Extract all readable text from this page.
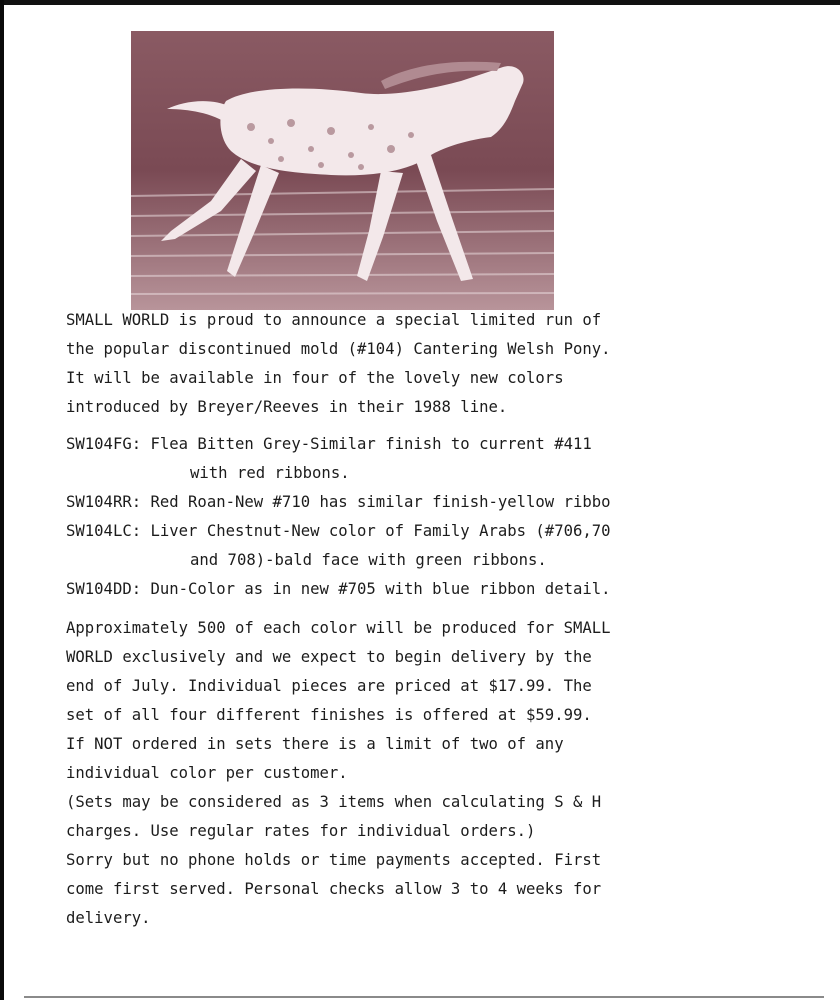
SMALL WORLD is proud to announce a special limited run of

the popular discontinued mold (#104) Cantering Welsh Pony.

It will be available in four of the lovely new colors

introduced by Breyer/Reeves in their 1988 line.

SW104FG: Flea Bitten Grey-Similar finish to current #411

with red ribbons.

SW104RR: Red Roan-New #710 has similar finish-yellow ribbo

SW104LC: Liver Chestnut-New color of Family Arabs (#706,70

and 708)-bald face with green ribbons.

SW104DD: Dun-Color as in new #705 with blue ribbon detail.

Approximately 500 of each color will be produced for SMALL

WORLD exclusively and we expect to begin delivery by the

end of July. Individual pieces are priced at $17.99. The

set of all four different finishes is offered at $59.99.

If NOT ordered in sets there is a limit of two of any

individual color per customer.

(Sets may be considered as 3 items when calculating S & H

charges. Use regular rates for individual orders.)

Sorry but no phone holds or time payments accepted. First

come first served. Personal checks allow 3 to 4 weeks for

delivery.
